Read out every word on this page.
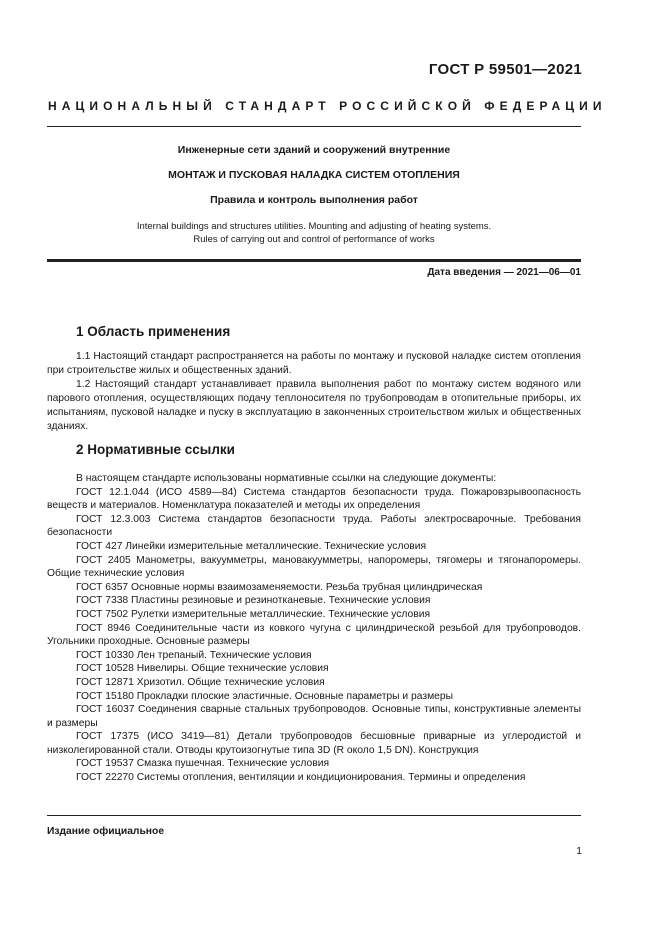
ГОСТ Р 59501—2021
НАЦИОНАЛЬНЫЙ СТАНДАРТ РОССИЙСКОЙ ФЕДЕРАЦИИ
Инженерные сети зданий и сооружений внутренние
МОНТАЖ И ПУСКОВАЯ НАЛАДКА СИСТЕМ ОТОПЛЕНИЯ
Правила и контроль выполнения работ
Internal buildings and structures utilities. Mounting and adjusting of heating systems.
Rules of carrying out and control of performance of works
Дата введения — 2021—06—01
1 Область применения
1.1 Настоящий стандарт распространяется на работы по монтажу и пусковой наладке систем отопления при строительстве жилых и общественных зданий.
1.2 Настоящий стандарт устанавливает правила выполнения работ по монтажу систем водяного или парового отопления, осуществляющих подачу теплоносителя по трубопроводам в отопительные приборы, их испытаниям, пусковой наладке и пуску в эксплуатацию в законченных строительством жилых и общественных зданиях.
2 Нормативные ссылки
В настоящем стандарте использованы нормативные ссылки на следующие документы:
ГОСТ 12.1.044 (ИСО 4589—84) Система стандартов безопасности труда. Пожаровзрывоопасность веществ и материалов. Номенклатура показателей и методы их определения
ГОСТ 12.3.003 Система стандартов безопасности труда. Работы электросварочные. Требования безопасности
ГОСТ 427 Линейки измерительные металлические. Технические условия
ГОСТ 2405 Манометры, вакуумметры, мановакуумметры, напоромеры, тягомеры и тягонапоромеры. Общие технические условия
ГОСТ 6357 Основные нормы взаимозаменяемости. Резьба трубная цилиндрическая
ГОСТ 7338 Пластины резиновые и резинотканевые. Технические условия
ГОСТ 7502 Рулетки измерительные металлические. Технические условия
ГОСТ 8946 Соединительные части из ковкого чугуна с цилиндрической резьбой для трубопроводов. Угольники проходные. Основные размеры
ГОСТ 10330 Лен трепаный. Технические условия
ГОСТ 10528 Нивелиры. Общие технические условия
ГОСТ 12871 Хризотил. Общие технические условия
ГОСТ 15180 Прокладки плоские эластичные. Основные параметры и размеры
ГОСТ 16037 Соединения сварные стальных трубопроводов. Основные типы, конструктивные элементы и размеры
ГОСТ 17375 (ИСО 3419—81) Детали трубопроводов бесшовные приварные из углеродистой и низколегированной стали. Отводы крутоизогнутые типа 3D (R около 1,5 DN). Конструкция
ГОСТ 19537 Смазка пушечная. Технические условия
ГОСТ 22270 Системы отопления, вентиляции и кондиционирования. Термины и определения
Издание официальное
1
